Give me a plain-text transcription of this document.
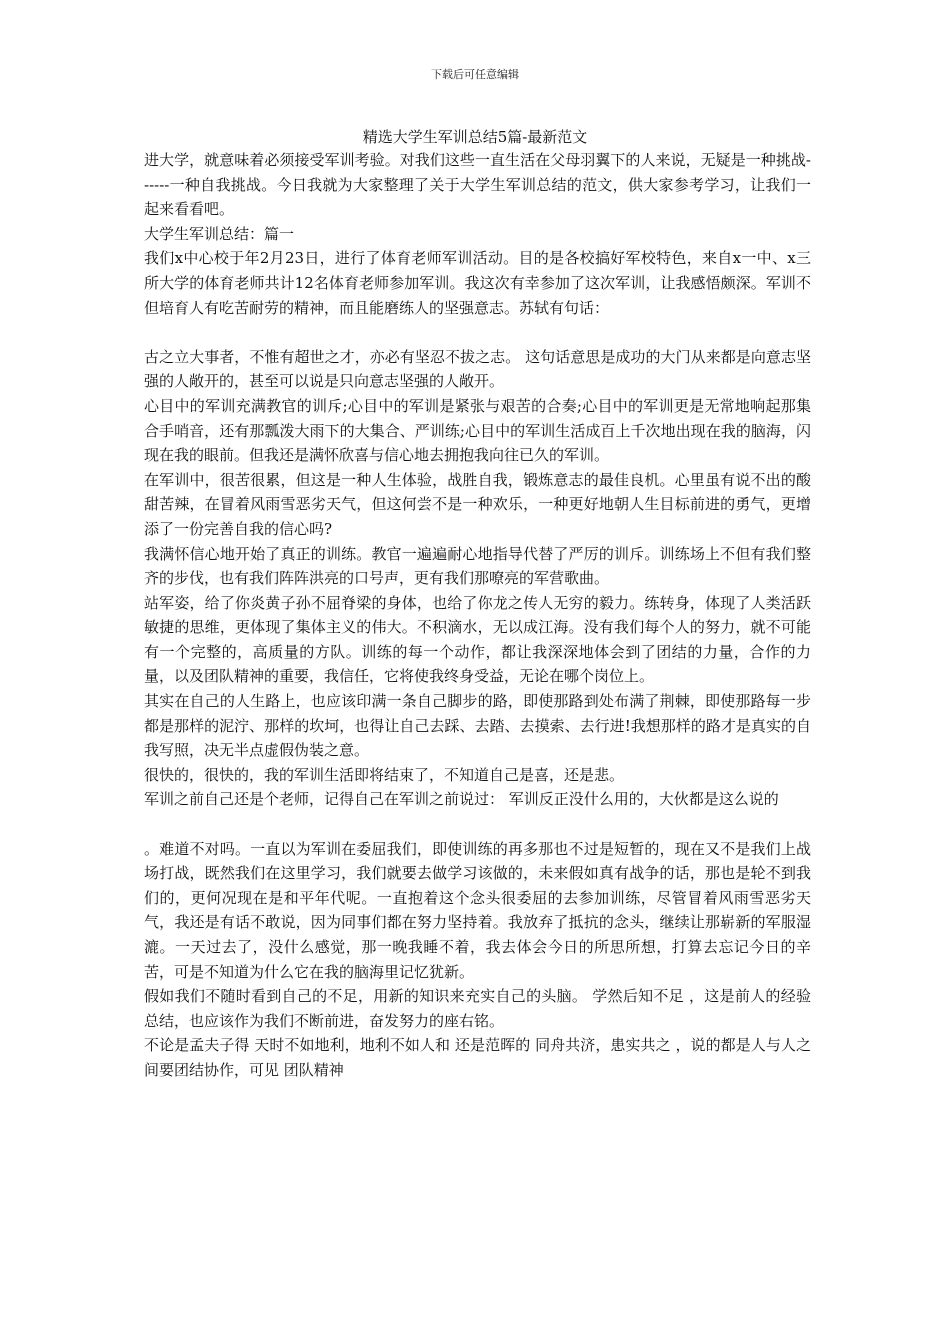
下载后可任意编辑
精选大学生军训总结5篇-最新范文

进大学，就意味着必须接受军训考验。对我们这些一直生活在父母羽翼下的人来说，无疑是一种挑战------一种自我挑战。今日我就为大家整理了关于大学生军训总结的范文，供大家参考学习，让我们一起来看看吧。

大学生军训总结：篇一

我们x中心校于年2月23日，进行了体育老师军训活动。目的是各校搞好军校特色，来自x一中、x三所大学的体育老师共计12名体育老师参加军训。我这次有幸参加了这次军训，让我感悟颇深。军训不但培育人有吃苦耐劳的精神，而且能磨练人的坚强意志。苏轼有句话：

古之立大事者，不惟有超世之才，亦必有坚忍不拔之志。 这句话意思是成功的大门从来都是向意志坚强的人敞开的，甚至可以说是只向意志坚强的人敞开。

心目中的军训充满教官的训斥;心目中的军训是紧张与艰苦的合奏;心目中的军训更是无常地响起那集合手哨音，还有那瓢泼大雨下的大集合、严训练;心目中的军训生活成百上千次地出现在我的脑海，闪现在我的眼前。但我还是满怀欣喜与信心地去拥抱我向往已久的军训。

在军训中，很苦很累，但这是一种人生体验，战胜自我，锻炼意志的最佳良机。心里虽有说不出的酸甜苦辣，在冒着风雨雪恶劣天气，但这何尝不是一种欢乐，一种更好地朝人生目标前进的勇气，更增添了一份完善自我的信心吗?

我满怀信心地开始了真正的训练。教官一遍遍耐心地指导代替了严厉的训斥。训练场上不但有我们整齐的步伐，也有我们阵阵洪亮的口号声，更有我们那嘹亮的军营歌曲。

站军姿，给了你炎黄子孙不屈脊梁的身体，也给了你龙之传人无穷的毅力。练转身，体现了人类活跃敏捷的思维，更体现了集体主义的伟大。不积滴水，无以成江海。没有我们每个人的努力，就不可能有一个完整的，高质量的方队。训练的每一个动作，都让我深深地体会到了团结的力量，合作的力量，以及团队精神的重要，我信任，它将使我终身受益，无论在哪个岗位上。

其实在自己的人生路上，也应该印满一条自己脚步的路，即使那路到处布满了荆棘，即使那路每一步都是那样的泥泞、那样的坎坷，也得让自己去踩、去踏、去摸索、去行进!我想那样的路才是真实的自我写照，决无半点虚假伪装之意。

很快的，很快的，我的军训生活即将结束了，不知道自己是喜，还是悲。

军训之前自己还是个老师，记得自己在军训之前说过： 军训反正没什么用的，大伙都是这么说的

。难道不对吗。一直以为军训在委屈我们，即使训练的再多那也不过是短暂的，现在又不是我们上战场打战，既然我们在这里学习，我们就要去做学习该做的，未来假如真有战争的话，那也是轮不到我们的，更何况现在是和平年代呢。一直抱着这个念头很委屈的去参加训练，尽管冒着风雨雪恶劣天气，我还是有话不敢说，因为同事们都在努力坚持着。我放弃了抵抗的念头，继续让那崭新的军服湿漉。一天过去了，没什么感觉，那一晚我睡不着，我去体会今日的所思所想，打算去忘记今日的辛苦，可是不知道为什么它在我的脑海里记忆犹新。

假如我们不随时看到自己的不足，用新的知识来充实自己的头脑。 学然后知不足 ，这是前人的经验总结，也应该作为我们不断前进，奋发努力的座右铭。

不论是孟夫子得 天时不如地利，地利不如人和 还是范晖的 同舟共济，患实共之 ，说的都是人与人之间要团结协作，可见 团队精神
